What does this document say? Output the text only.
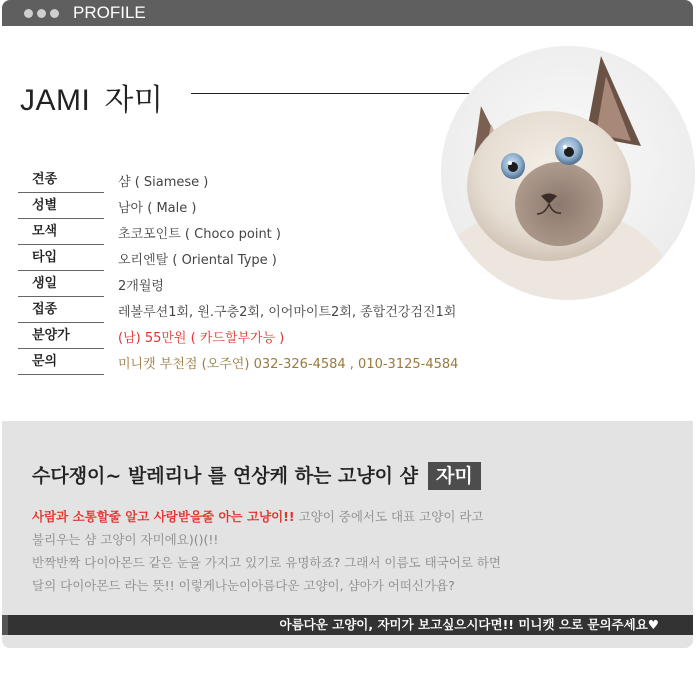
PROFILE
JAMI 자미
견종	샴 ( Siamese )
성별	남아 ( Male )
모색	초코포인트 ( Choco point )
타입	오리엔탈 ( Oriental Type )
생일	2개월령
접종	레볼루션1회, 원.구충2회, 이어마이트2회, 종합건강검진1회
분양가	(남) 55만원 ( 카드할부가능 )
문의	미니캣 부천점 (오주연) 032-326-4584 , 010-3125-4584
수다쟁이~ 발레리나 를 연상케 하는 고냥이 샴 자미
사람과 소통할줄 알고 사랑받을줄 아는 고냥이!! 고양이 중에서도 대표 고양이 라고
불리우는 샴 고양이 자미에요)()(!!
반짝반짝 다이아몬드 같은 눈을 가지고 있기로 유명하죠? 그래서 이름도 태국어로 하면
달의 다이아몬드 라는 뜻!! 이렇게나눈이아름다운 고양이, 샴아가 어떠신가욥?
아름다운 고양이, 자미가 보고싶으시다면!! 미니캣 으로 문의주세요♥
